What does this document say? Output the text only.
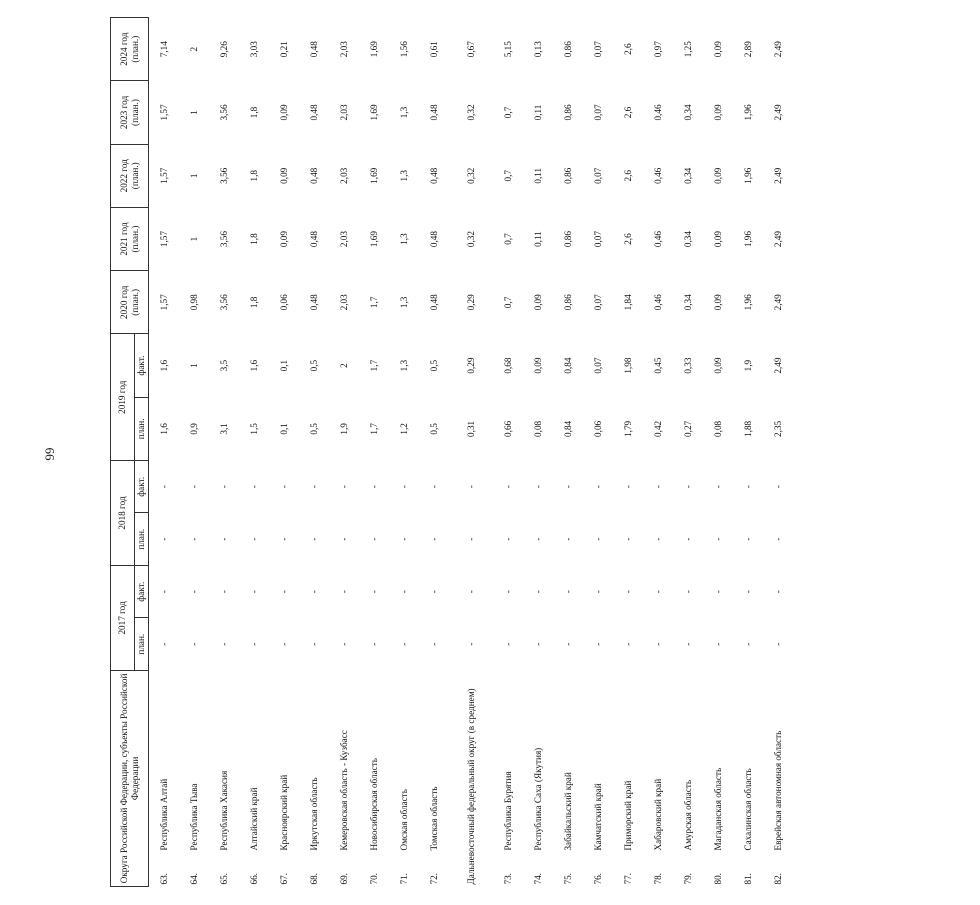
66
Округа Российской Федерации, субъекты Российской Федерации		2017 год		2018 год		2019 год		2020 год (план.)	2021 год (план.)	2022 год (план.)	2023 год (план.)	2024 год (план.)
		план.	факт.	план.	факт.	план.	факт.					
63.	Республика Алтай	-	-	-	-	1,6	1,6	1,57	1,57	1,57	1,57	7,14
64.	Республика Тыва	-	-	-	-	0,9	1	0,98	1	1	1	2
65.	Республика Хакасия	-	-	-	-	3,1	3,5	3,56	3,56	3,56	3,56	9,26
66.	Алтайский край	-	-	-	-	1,5	1,6	1,8	1,8	1,8	1,8	3,03
67.	Красноярский край	-	-	-	-	0,1	0,1	0,06	0,09	0,09	0,09	0,21
68.	Иркутская область	-	-	-	-	0,5	0,5	0,48	0,48	0,48	0,48	0,48
69.	Кемеровская область - Кузбасс	-	-	-	-	1,9	2	2,03	2,03	2,03	2,03	2,03
70.	Новосибирская область	-	-	-	-	1,7	1,7	1,7	1,69	1,69	1,69	1,69
71.	Омская область	-	-	-	-	1,2	1,3	1,3	1,3	1,3	1,3	1,56
72.	Томская область	-	-	-	-	0,5	0,5	0,48	0,48	0,48	0,48	0,61
Дальневосточный федеральный округ (в среднем)		-	-	-	-	0,31	0,29	0,29	0,32	0,32	0,32	0,67
73.	Республика Бурятия	-	-	-	-	0,66	0,68	0,7	0,7	0,7	0,7	5,15
74.	Республика Саха (Якутия)	-	-	-	-	0,08	0,09	0,09	0,11	0,11	0,11	0,13
75.	Забайкальский край	-	-	-	-	0,84	0,84	0,86	0,86	0,86	0,86	0,86
76.	Камчатский край	-	-	-	-	0,06	0,07	0,07	0,07	0,07	0,07	0,07
77.	Приморский край	-	-	-	-	1,79	1,98	1,84	2,6	2,6	2,6	2,6
78.	Хабаровский край	-	-	-	-	0,42	0,45	0,46	0,46	0,46	0,46	0,97
79.	Амурская область	-	-	-	-	0,27	0,33	0,34	0,34	0,34	0,34	1,25
80.	Магаданская область	-	-	-	-	0,08	0,09	0,09	0,09	0,09	0,09	0,09
81.	Сахалинская область	-	-	-	-	1,88	1,9	1,96	1,96	1,96	1,96	2,89
82.	Еврейская автономная область	-	-	-	-	2,35	2,49	2,49	2,49	2,49	2,49	2,49
